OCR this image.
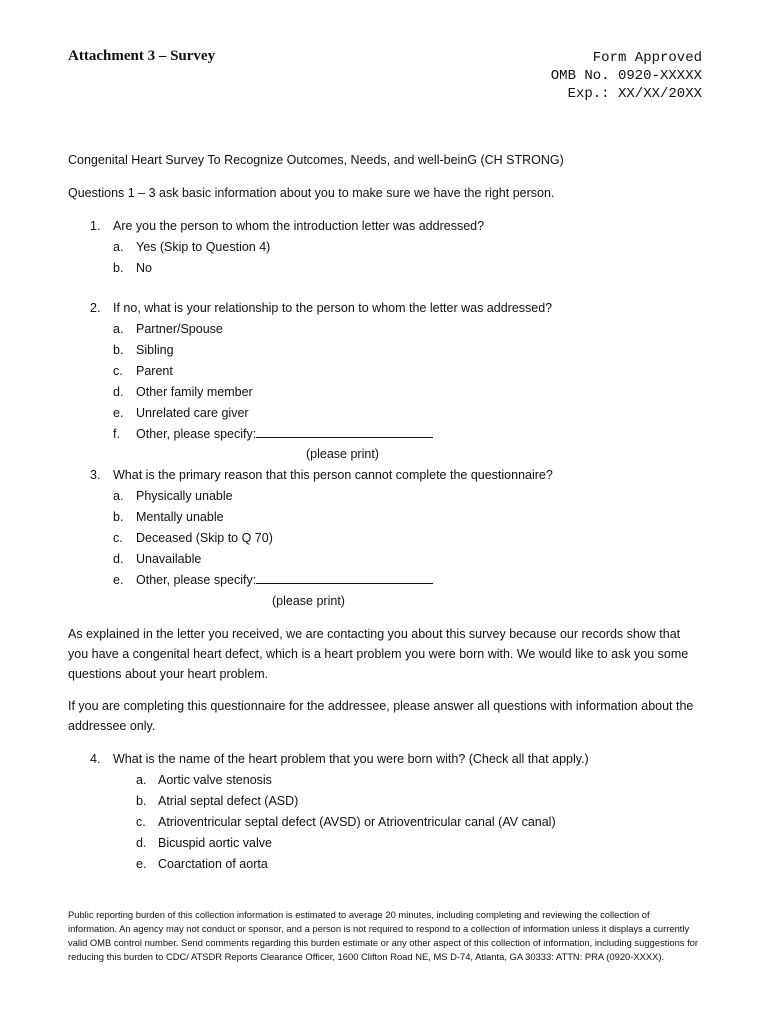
Attachment 3 – Survey	Form Approved
OMB No. 0920-XXXXX
Exp.: XX/XX/20XX
Congenital Heart Survey To Recognize Outcomes, Needs, and well-beinG (CH STRONG)
Questions 1 – 3 ask basic information about you to make sure we have the right person.
1. Are you the person to whom the introduction letter was addressed?
a. Yes (Skip to Question 4)
b. No
2. If no, what is your relationship to the person to whom the letter was addressed?
a. Partner/Spouse
b. Sibling
c. Parent
d. Other family member
e. Unrelated care giver
f. Other, please specify:
(please print)
3. What is the primary reason that this person cannot complete the questionnaire?
a. Physically unable
b. Mentally unable
c. Deceased (Skip to Q 70)
d. Unavailable
e. Other, please specify:
(please print)
As explained in the letter you received, we are contacting you about this survey because our records show that you have a congenital heart defect, which is a heart problem you were born with. We would like to ask you some questions about your heart problem.
If you are completing this questionnaire for the addressee, please answer all questions with information about the addressee only.
4. What is the name of the heart problem that you were born with? (Check all that apply.)
a. Aortic valve stenosis
b. Atrial septal defect (ASD)
c. Atrioventricular septal defect (AVSD) or Atrioventricular canal (AV canal)
d. Bicuspid aortic valve
e. Coarctation of aorta
Public reporting burden of this collection information is estimated to average 20 minutes, including completing and reviewing the collection of information. An agency may not conduct or sponsor, and a person is not required to respond to a collection of information unless it displays a currently valid OMB control number. Send comments regarding this burden estimate or any other aspect of this collection of information, including suggestions for reducing this burden to CDC/ ATSDR Reports Clearance Officer, 1600 Clifton Road NE, MS D-74, Atlanta, GA 30333: ATTN: PRA (0920-XXXX).
